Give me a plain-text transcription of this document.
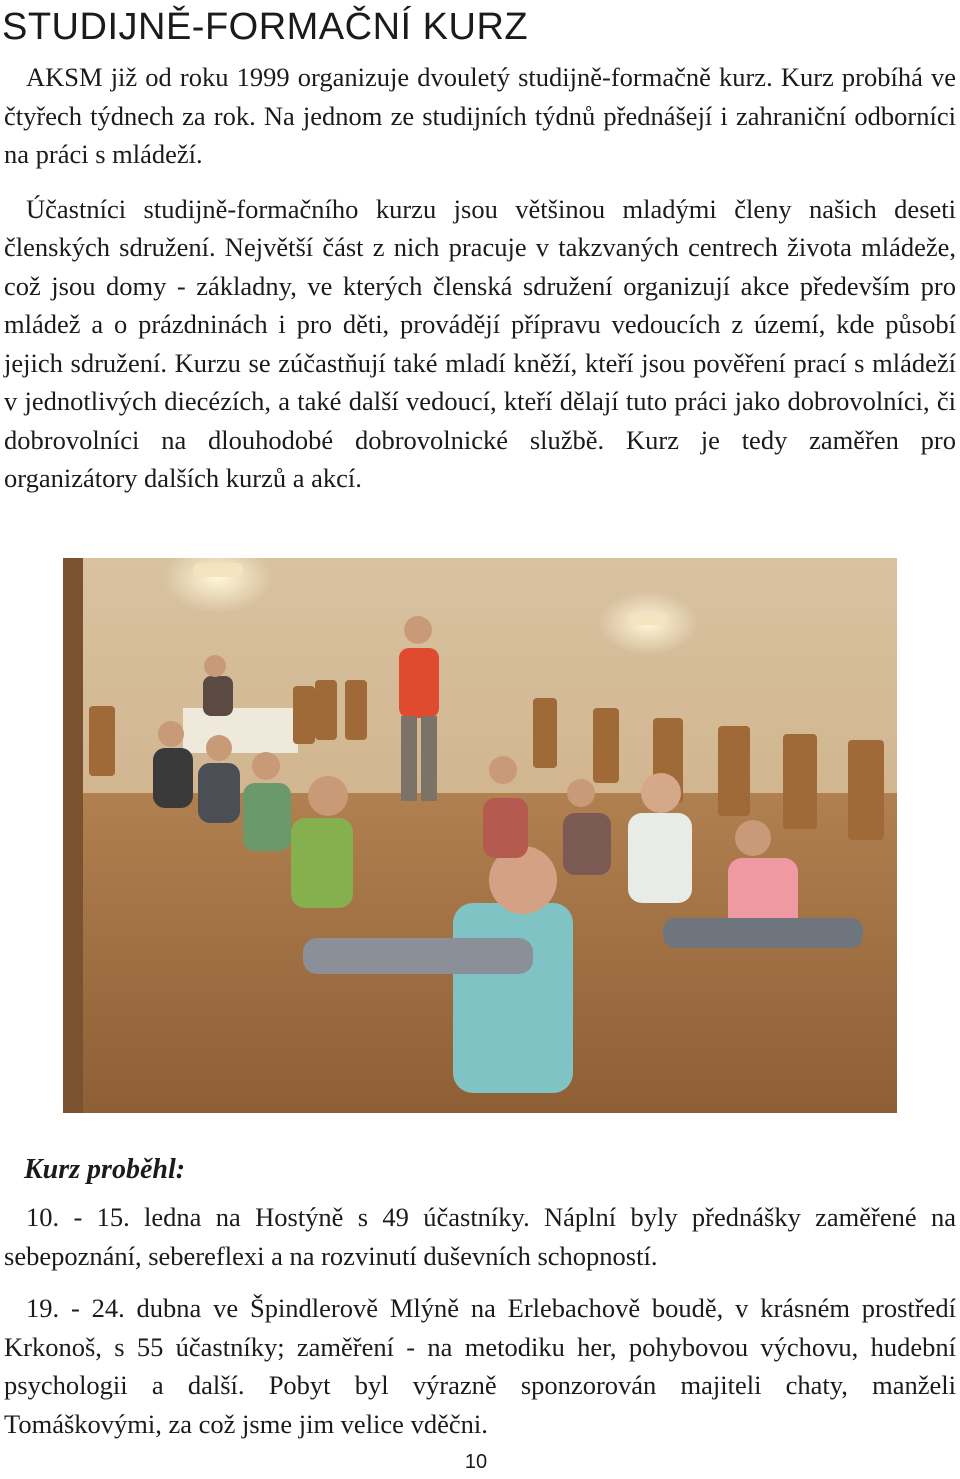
STUDIJNĚ-FORMAČNÍ KURZ

AKSM již od roku 1999 organizuje dvouletý studijně-formačně kurz. Kurz probíhá ve čtyřech týdnech za rok. Na jednom ze studijních týdnů přednášejí i zahraniční odborníci na práci s mládeží.

Účastníci studijně-formačního kurzu jsou většinou mladými členy našich deseti členských sdružení. Největší část z nich pracuje v takzvaných centrech života mládeže, což jsou domy - základny, ve kterých členská sdružení organizují akce především pro mládež a o prázdninách i pro děti, provádějí přípravu vedoucích z území, kde působí jejich sdružení. Kurzu se zúčastňují také mladí kněží, kteří jsou pověření prací s mládeží v jednotlivých diecézích, a také další vedoucí, kteří dělají tuto práci jako dobrovolníci, či dobrovolníci na dlouhodobé dobrovolnické službě. Kurz je tedy zaměřen pro organizátory dalších kurzů a akcí.

Kurz proběhl:

10. - 15. ledna na Hostýně s 49 účastníky. Náplní byly přednášky zaměřené na sebepoznání, sebereflexi a na rozvinutí duševních schopností.

19. - 24. dubna ve Špindlerově Mlýně na Erlebachově boudě, v krásném prostředí Krkonoš, s 55 účastníky; zaměření - na metodiku her, pohybovou výchovu, hudební psychologii a další. Pobyt byl výrazně sponzorován majiteli chaty, manželi Tomáškovými, za což jsme jim velice vděčni.

10
